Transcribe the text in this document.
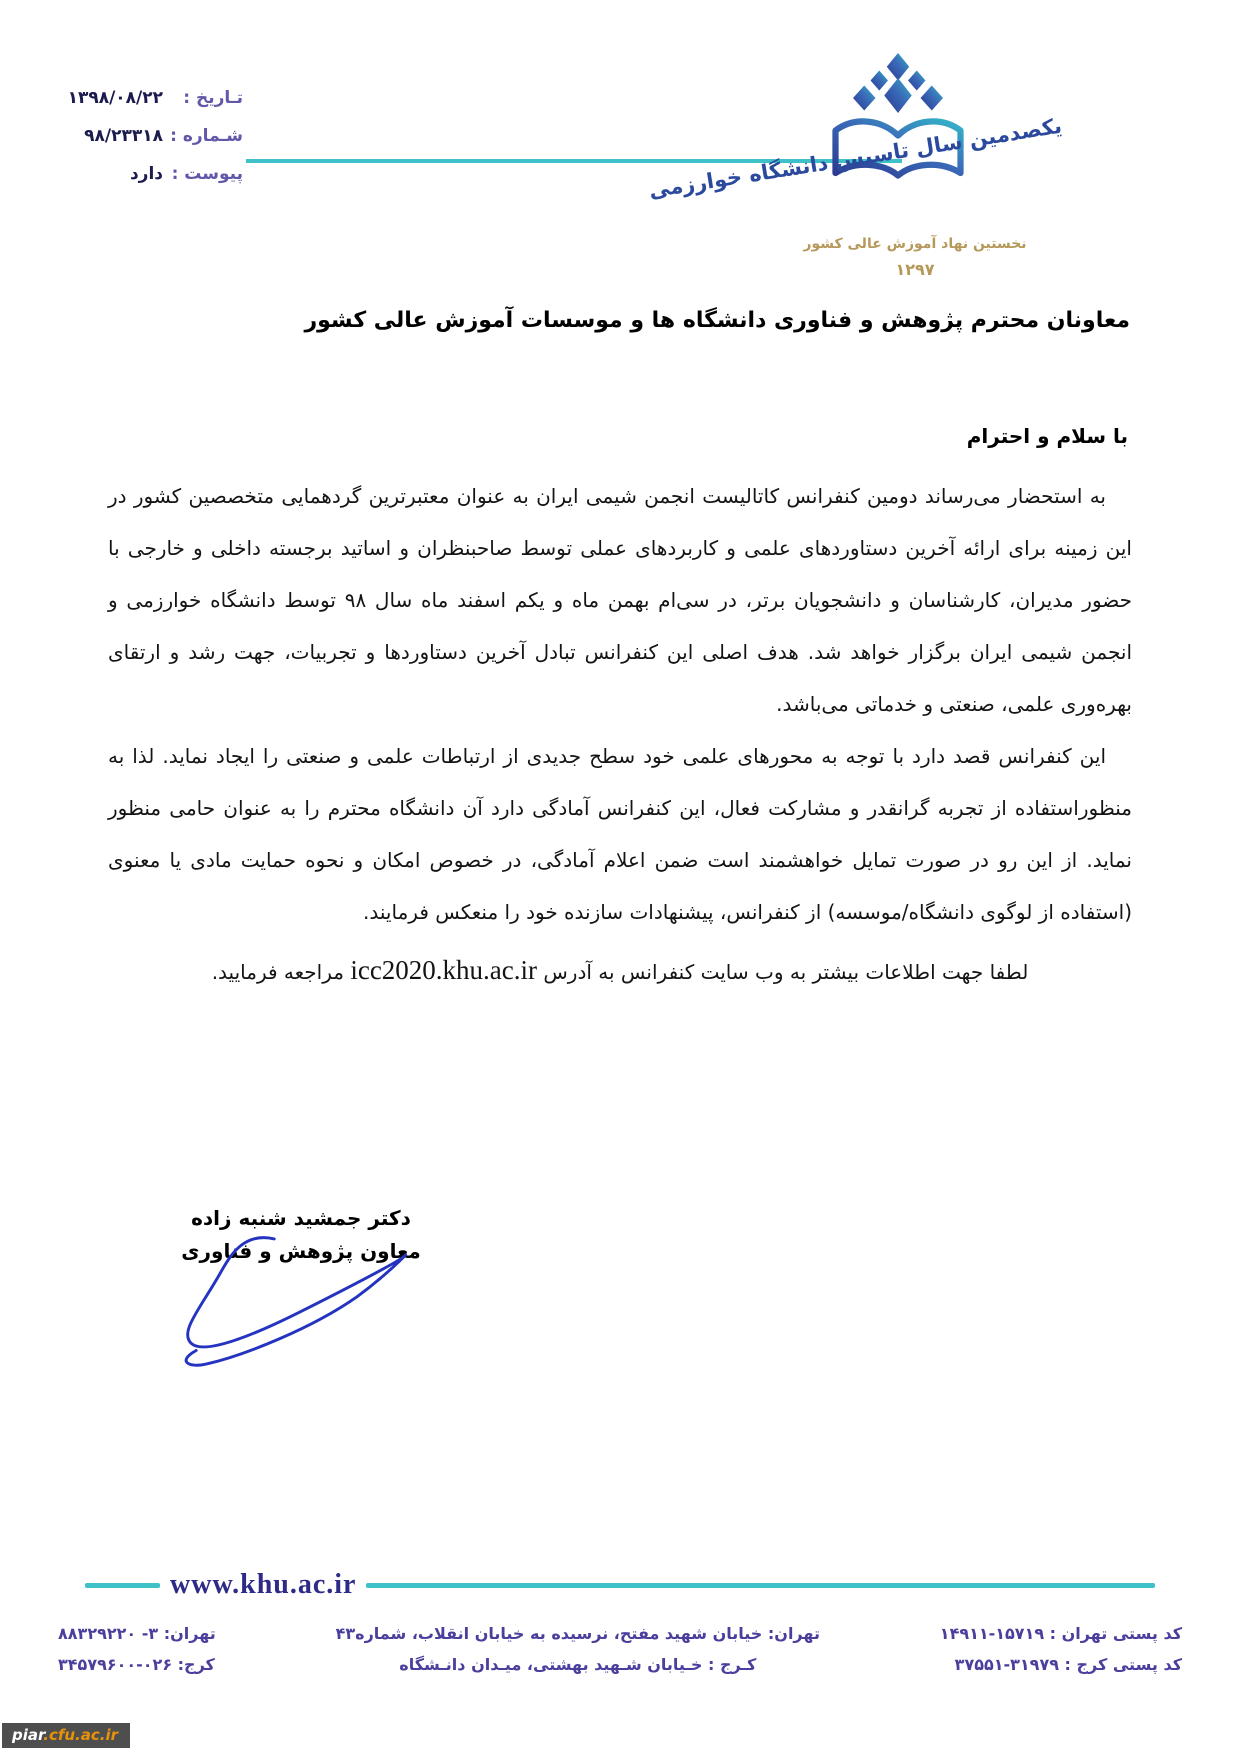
تـاریخ :
۱۳۹۸/۰۸/۲۲
شـماره :
۹۸/۲۳۳۱۸
پیوست :
دارد	یکصدمین سال تاسیس دانشگاه خوارزمی
نخستین نهاد آموزش عالی کشور
۱۲۹۷
معاونان محترم پژوهش و فناوری دانشگاه ها و موسسات آموزش عالی کشور
با سلام و احترام

به استحضار می‌رساند دومین کنفرانس کاتالیست انجمن شیمی ایران به عنوان معتبرترین گردهمایی متخصصین کشور در این زمینه برای ارائه آخرین دستاوردهای علمی و کاربردهای عملی توسط صاحبنظران و اساتید برجسته داخلی و خارجی با حضور مدیران، کارشناسان و دانشجویان برتر، در سی‌ام بهمن ماه و یکم اسفند ماه سال ۹۸ توسط دانشگاه خوارزمی و انجمن شیمی ایران برگزار خواهد شد. هدف اصلی این کنفرانس تبادل آخرین دستاوردها و تجربیات، جهت رشد و ارتقای بهره‌وری علمی، صنعتی و خدماتی می‌باشد.

این کنفرانس قصد دارد با توجه به محورهای علمی خود سطح جدیدی از ارتباطات علمی و صنعتی را ایجاد نماید. لذا به منظوراستفاده از تجربه گرانقدر و مشارکت فعال، این کنفرانس آمادگی دارد آن دانشگاه محترم را به عنوان حامی منظور نماید. از این رو در صورت تمایل خواهشمند است ضمن اعلام آمادگی، در خصوص امکان و نحوه حمایت مادی یا معنوی (استفاده از لوگوی دانشگاه/موسسه) از کنفرانس، پیشنهادات سازنده خود را منعکس فرمایند.

لطفا جهت اطلاعات بیشتر به وب سایت کنفرانس به آدرس icc2020.khu.ac.ir مراجعه فرمایید.

دکتر جمشید شنبه زاده
معاون پژوهش و فناوری
www.khu.ac.ir
کد پستی تهران : ۱۵۷۱۹-۱۴۹۱۱
کد پستی کرج : ۳۱۹۷۹-۳۷۵۵۱
تهران: خیابان شهید مفتح، نرسیده به خیابان انقلاب، شماره۴۳
کـرج : خـیابان شـهید بهشتی، میـدان دانـشگاه
تهران: ۳- ۸۸۳۲۹۲۲۰
کرج: ۰۲۶-۳۴۵۷۹۶۰۰
piar.cfu.ac.ir
